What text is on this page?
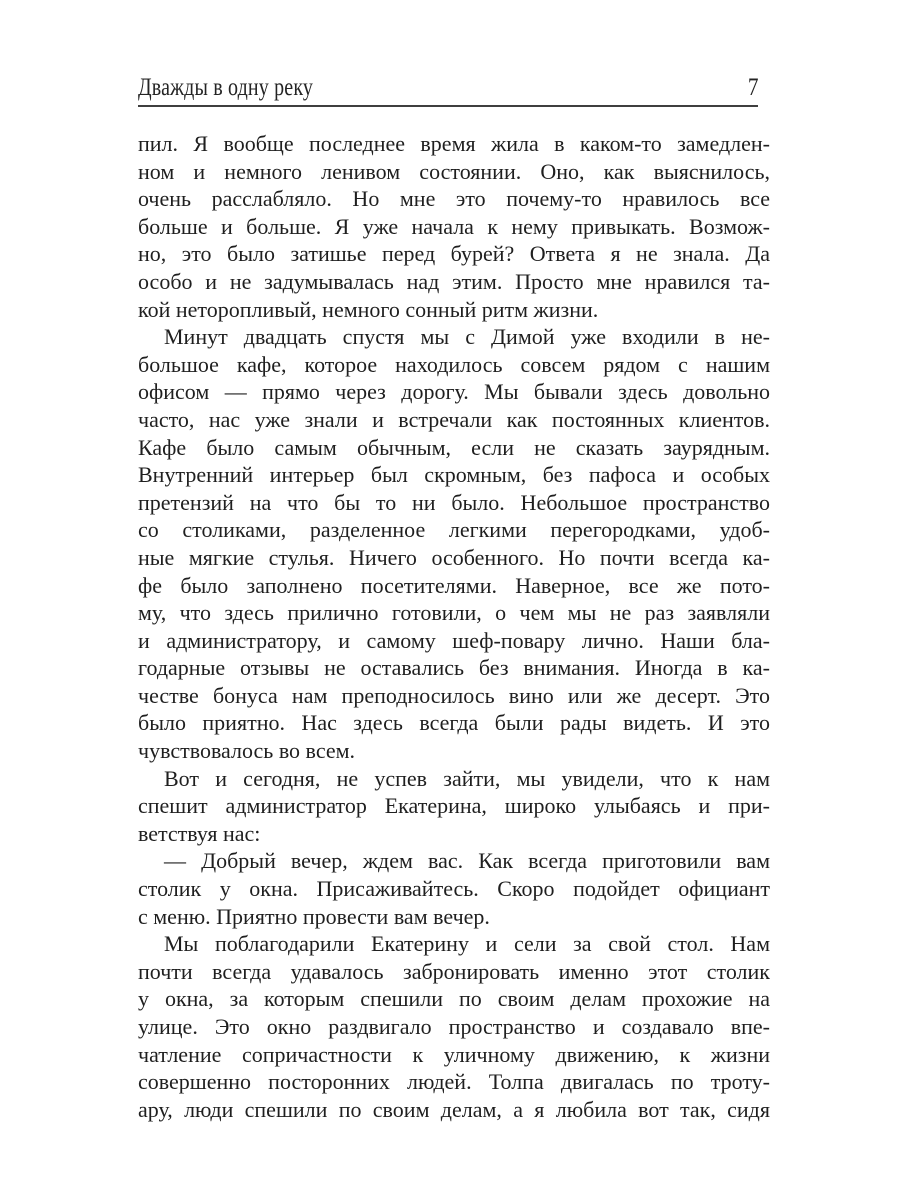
Дважды в одну реку	7
пил. Я вообще последнее время жила в каком-то замедлен-
ном и немного ленивом состоянии. Оно, как выяснилось,
очень расслабляло. Но мне это почему-то нравилось все
больше и больше. Я уже начала к нему привыкать. Возмож-
но, это было затишье перед бурей? Ответа я не знала. Да
особо и не задумывалась над этим. Просто мне нравился та-
кой неторопливый, немного сонный ритм жизни.
Минут двадцать спустя мы с Димой уже входили в не-
большое кафе, которое находилось совсем рядом с нашим
офисом — прямо через дорогу. Мы бывали здесь довольно
часто, нас уже знали и встречали как постоянных клиентов.
Кафе было самым обычным, если не сказать заурядным.
Внутренний интерьер был скромным, без пафоса и особых
претензий на что бы то ни было. Небольшое пространство
со столиками, разделенное легкими перегородками, удоб-
ные мягкие стулья. Ничего особенного. Но почти всегда ка-
фе было заполнено посетителями. Наверное, все же пото-
му, что здесь прилично готовили, о чем мы не раз заявляли
и администратору, и самому шеф-повару лично. Наши бла-
годарные отзывы не оставались без внимания. Иногда в ка-
честве бонуса нам преподносилось вино или же десерт. Это
было приятно. Нас здесь всегда были рады видеть. И это
чувствовалось во всем.
Вот и сегодня, не успев зайти, мы увидели, что к нам
спешит администратор Екатерина, широко улыбаясь и при-
ветствуя нас:
— Добрый вечер, ждем вас. Как всегда приготовили вам
столик у окна. Присаживайтесь. Скоро подойдет официант
с меню. Приятно провести вам вечер.
Мы поблагодарили Екатерину и сели за свой стол. Нам
почти всегда удавалось забронировать именно этот столик
у окна, за которым спешили по своим делам прохожие на
улице. Это окно раздвигало пространство и создавало впе-
чатление сопричастности к уличному движению, к жизни
совершенно посторонних людей. Толпа двигалась по троту-
ару, люди спешили по своим делам, а я любила вот так, сидя
